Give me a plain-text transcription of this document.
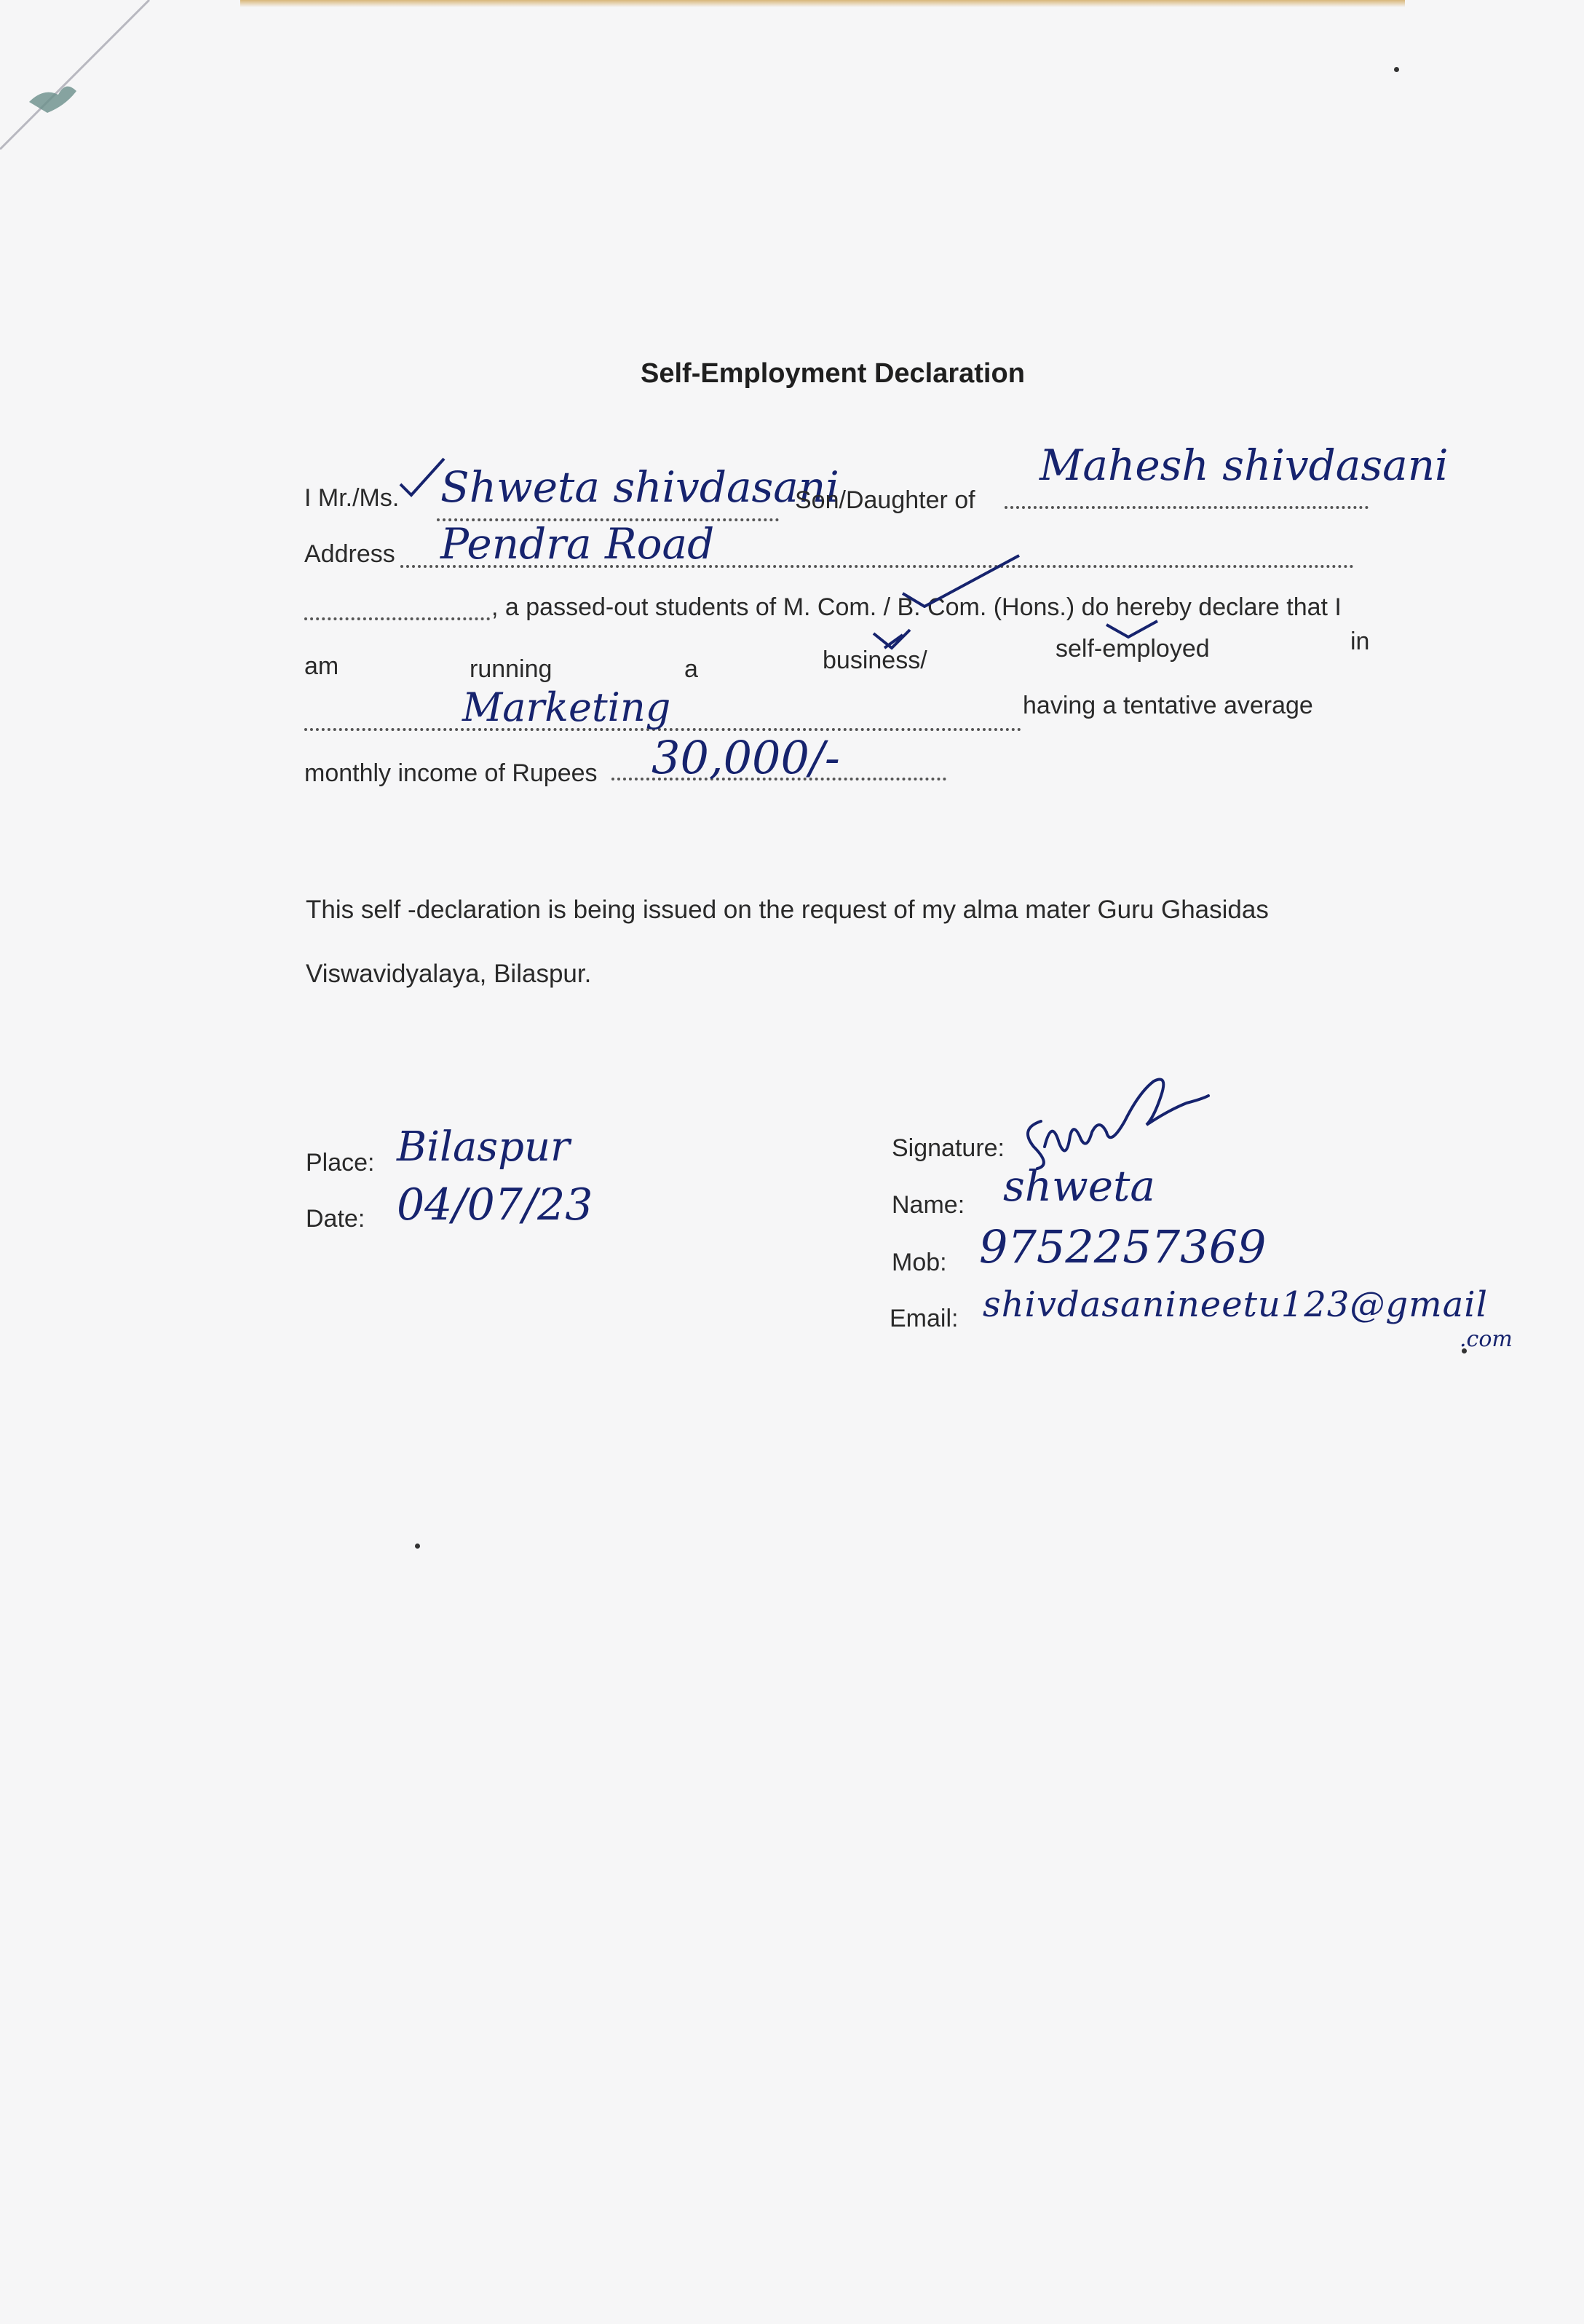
Self-Employment Declaration
I Mr./Ms. Shweta shivdasani
Son/Daughter of
Mahesh shivdasani
Address Pendra Road
, a passed-out students of M. Com. / B. Com. (Hons.) do hereby declare that I
am	running	a	business/	self-employed	in
Marketing	having a tentative average
monthly income of Rupees 30,000/-
This self -declaration is being issued on the request of my alma mater Guru Ghasidas
Viswavidyalaya, Bilaspur.
Place: Bilaspur
Date: 04/07/23
Signature:
Name: shweta
Mob: 9752257369
Email: shivdasanineetu123@gmail
.com
